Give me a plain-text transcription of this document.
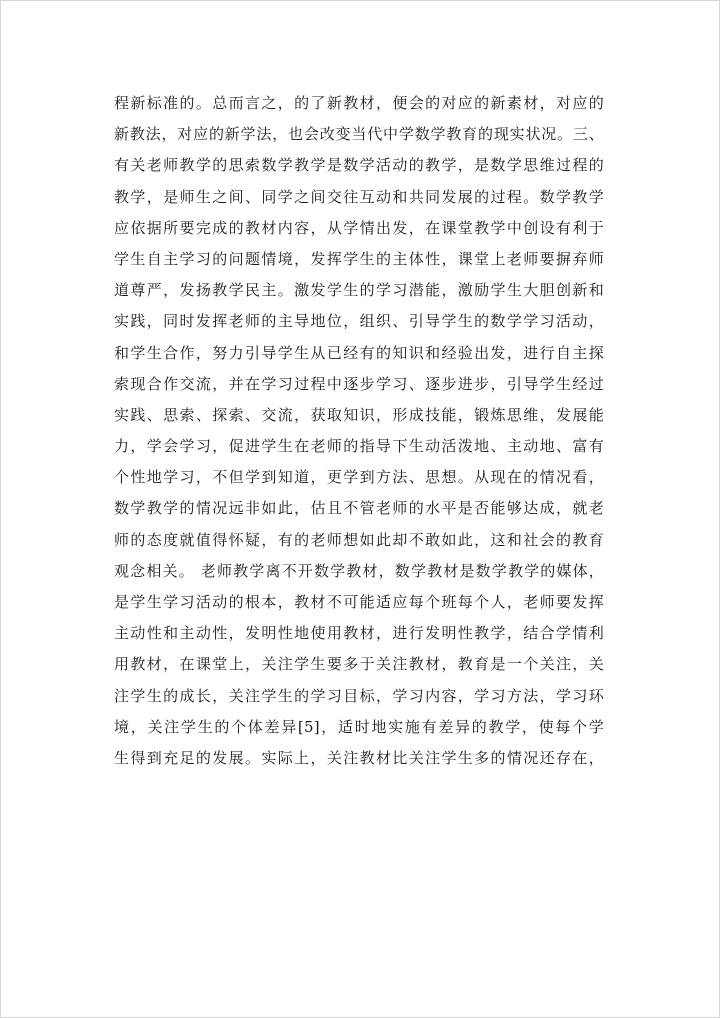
程新标准的。总而言之，的了新教材，便会的对应的新素材，对应的
新教法，对应的新学法，也会改变当代中学数学教育的现实状况。三、
有关老师教学的思索数学教学是数学活动的教学，是数学思维过程的
教学，是师生之间、同学之间交往互动和共同发展的过程。数学教学
应依据所要完成的教材内容，从学情出发，在课堂教学中创设有利于
学生自主学习的问题情境，发挥学生的主体性，课堂上老师要摒弃师
道尊严，发扬教学民主。激发学生的学习潜能，激励学生大胆创新和
实践，同时发挥老师的主导地位，组织、引导学生的数学学习活动，
和学生合作，努力引导学生从已经有的知识和经验出发，进行自主探
索现合作交流，并在学习过程中逐步学习、逐步进步，引导学生经过
实践、思索、探索、交流，获取知识，形成技能，锻炼思维，发展能
力，学会学习，促进学生在老师的指导下生动活泼地、主动地、富有
个性地学习，不但学到知道，更学到方法、思想。从现在的情况看，
数学教学的情况远非如此，估且不管老师的水平是否能够达成，就老
师的态度就值得怀疑，有的老师想如此却不敢如此，这和社会的教育
观念相关。 老师教学离不开数学教材，数学教材是数学教学的媒体，
是学生学习活动的根本，教材不可能适应每个班每个人，老师要发挥
主动性和主动性，发明性地使用教材，进行发明性教学，结合学情利
用教材，在课堂上，关注学生要多于关注教材，教育是一个关注，关
注学生的成长，关注学生的学习目标，学习内容，学习方法，学习环
境，关注学生的个体差异[5]，适时地实施有差异的教学，使每个学
生得到充足的发展。实际上，关注教材比关注学生多的情况还存在，
